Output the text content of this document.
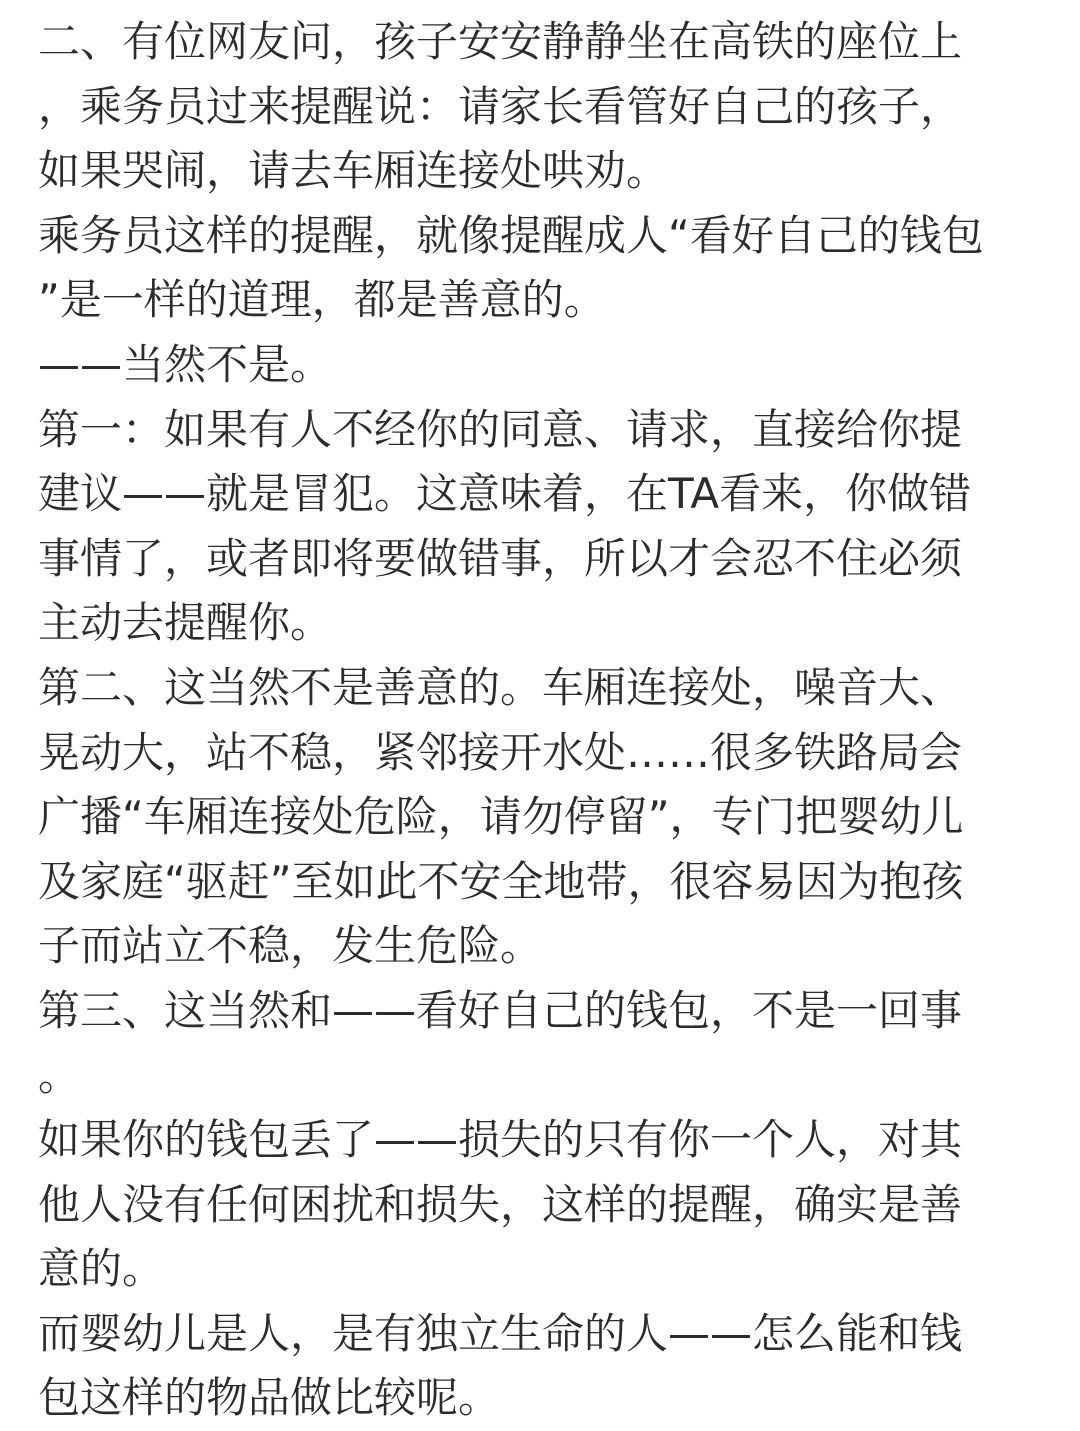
二、有位网友问，孩子安安静静坐在高铁的座位上
，乘务员过来提醒说：请家长看管好自己的孩子，
如果哭闹，请去车厢连接处哄劝。
乘务员这样的提醒，就像提醒成人“看好自己的钱包
”是一样的道理，都是善意的。
——当然不是。
第一：如果有人不经你的同意、请求，直接给你提
建议——就是冒犯。这意味着，在TA看来，你做错
事情了，或者即将要做错事，所以才会忍不住必须
主动去提醒你。
第二、这当然不是善意的。车厢连接处，噪音大、
晃动大，站不稳，紧邻接开水处……很多铁路局会
广播“车厢连接处危险，请勿停留”，专门把婴幼儿
及家庭“驱赶”至如此不安全地带，很容易因为抱孩
子而站立不稳，发生危险。
第三、这当然和——看好自己的钱包，不是一回事
。
如果你的钱包丢了——损失的只有你一个人，对其
他人没有任何困扰和损失，这样的提醒，确实是善
意的。
而婴幼儿是人，是有独立生命的人——怎么能和钱
包这样的物品做比较呢。
